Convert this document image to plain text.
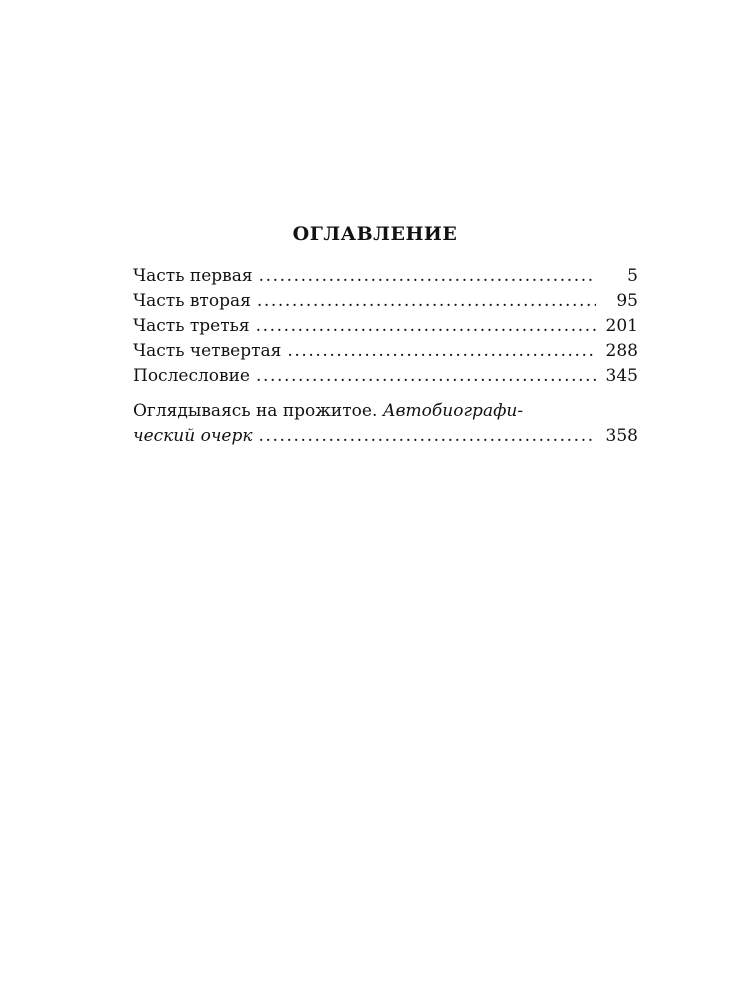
ОГЛАВЛЕНИЕ
Часть первая .....	5
Часть вторая .....	95
Часть третья .....	201
Часть четвертая .....	288
Послесловие .....	345
Оглядываясь на прожитое. Автобиографи-
ческий очерк .....	358
